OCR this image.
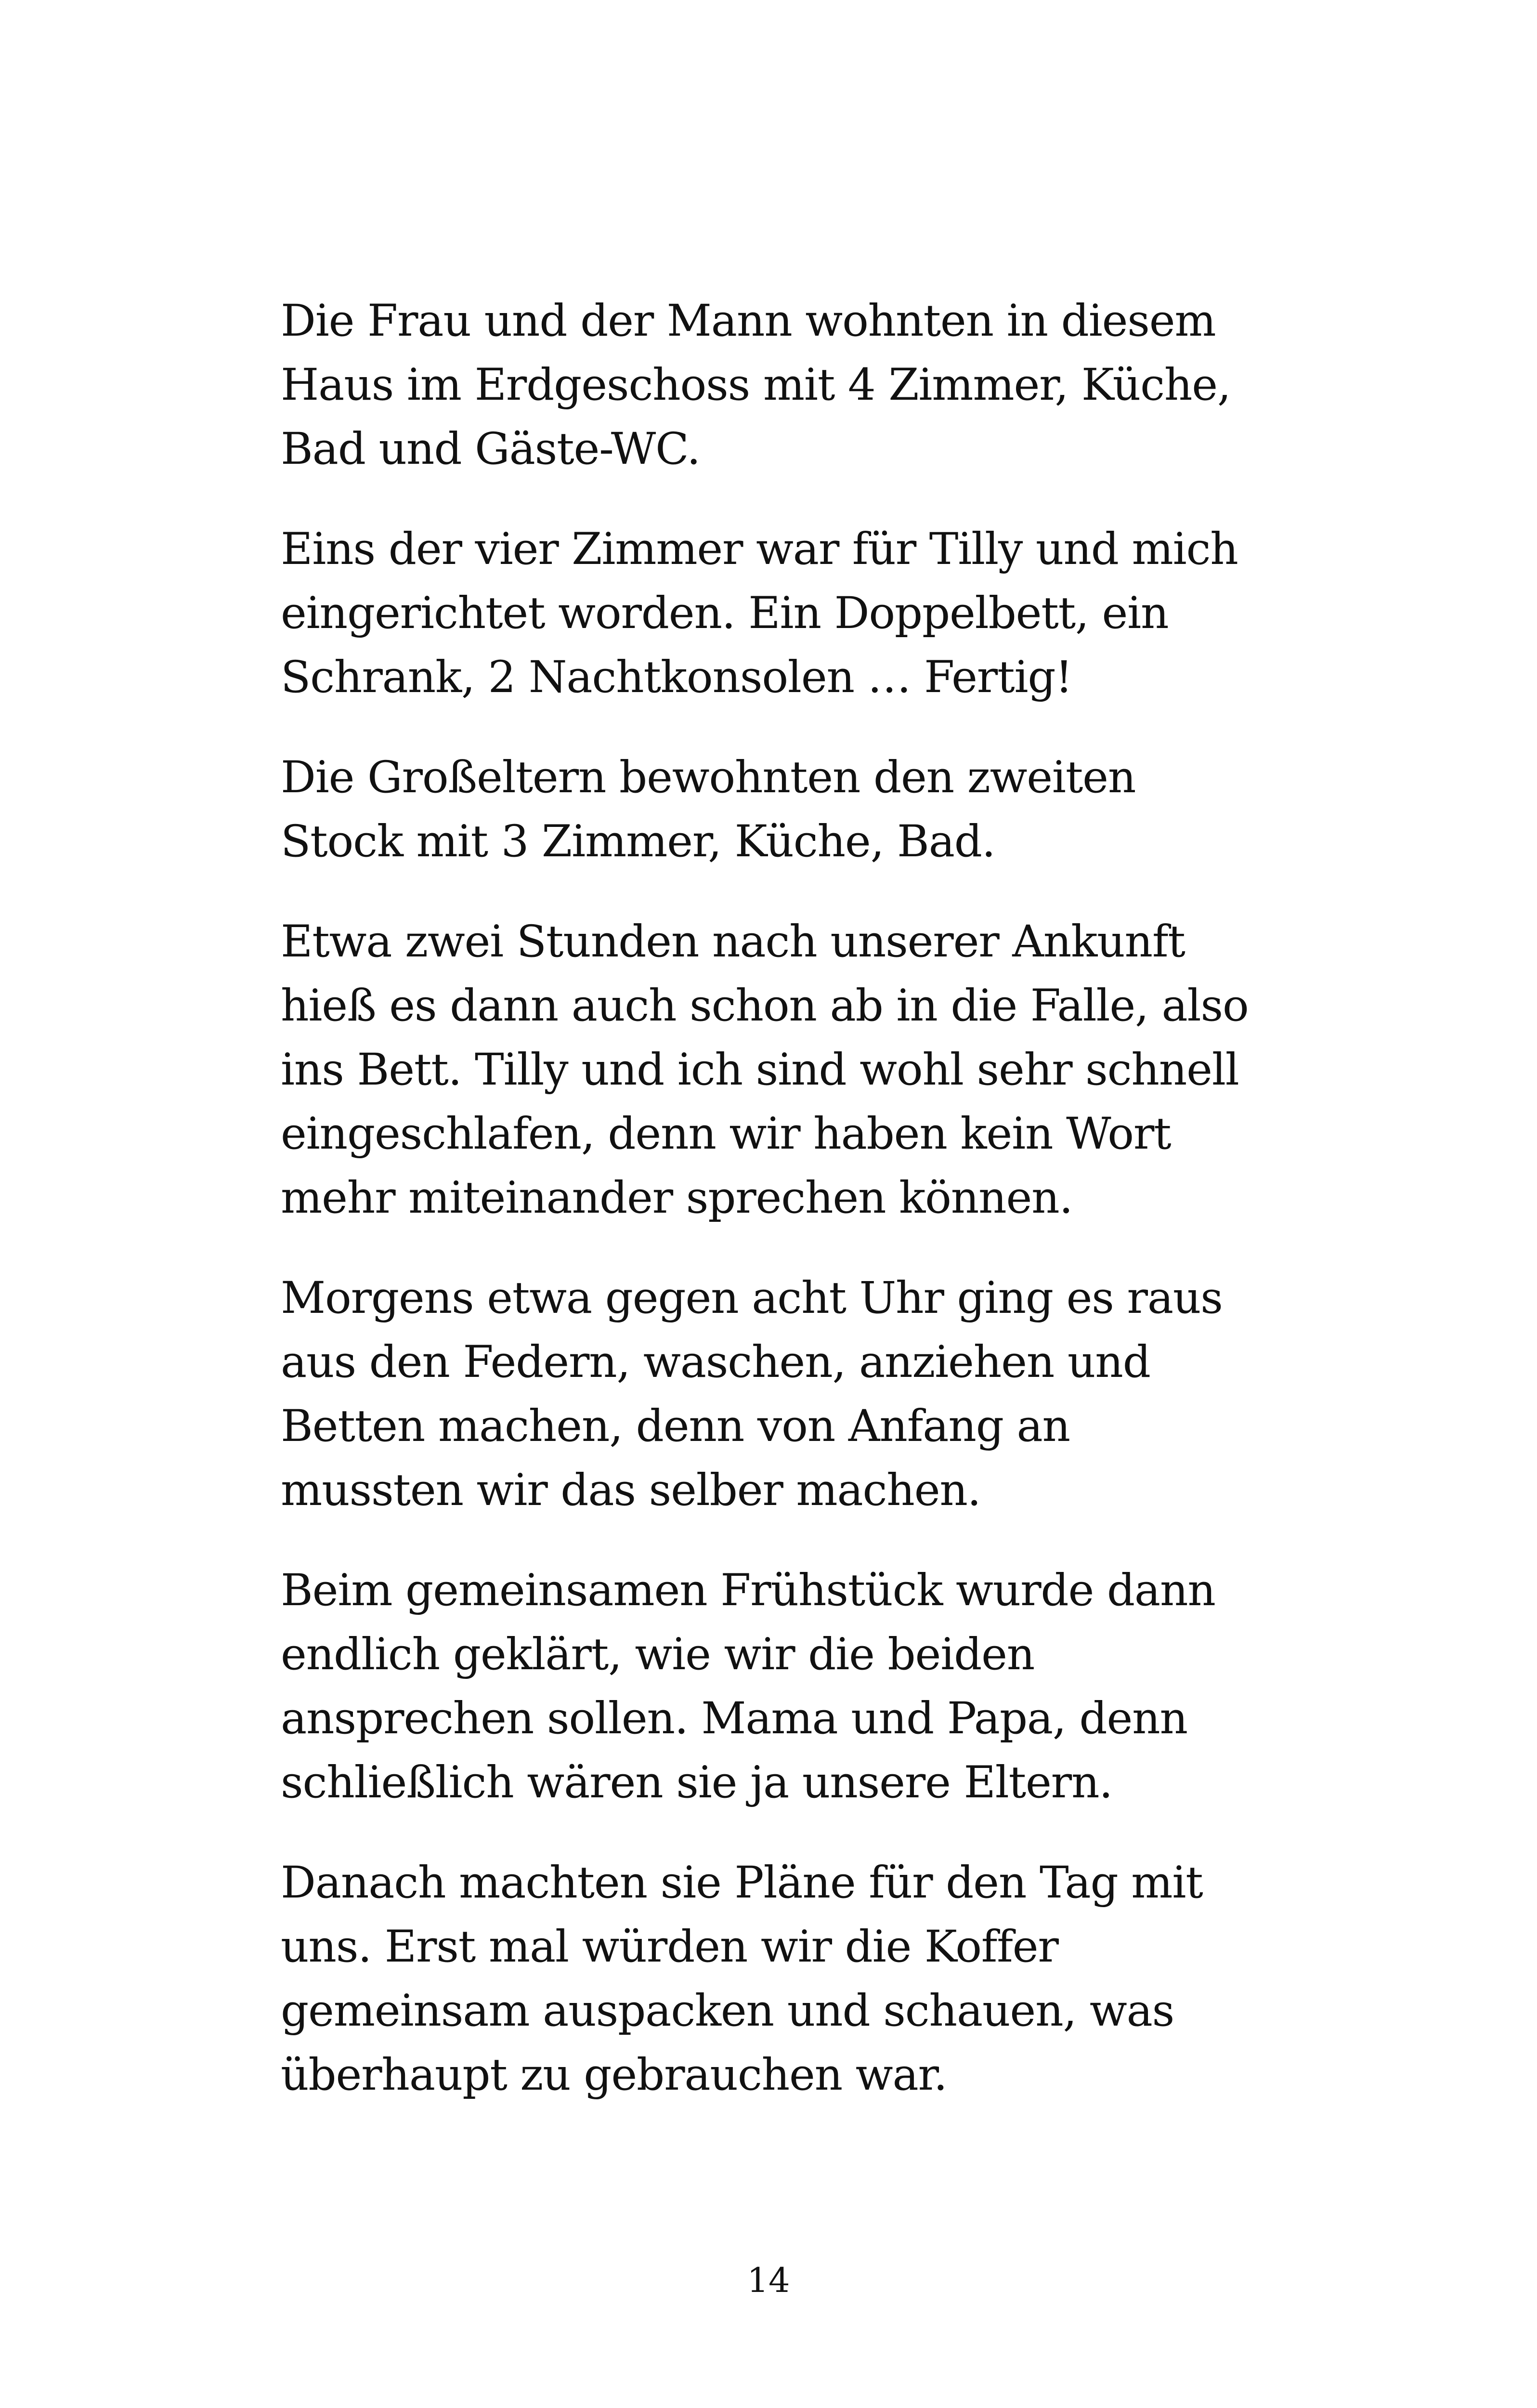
Die Frau und der Mann wohnten in diesem
Haus im Erdgeschoss mit 4 Zimmer, Küche,
Bad und Gäste-WC.

Eins der vier Zimmer war für Tilly und mich
eingerichtet worden. Ein Doppelbett, ein
Schrank, 2 Nachtkonsolen … Fertig!

Die Großeltern bewohnten den zweiten
Stock mit 3 Zimmer, Küche, Bad.

Etwa zwei Stunden nach unserer Ankunft
hieß es dann auch schon ab in die Falle, also
ins Bett. Tilly und ich sind wohl sehr schnell
eingeschlafen, denn wir haben kein Wort
mehr miteinander sprechen können.

Morgens etwa gegen acht Uhr ging es raus
aus den Federn, waschen, anziehen und
Betten machen, denn von Anfang an
mussten wir das selber machen.

Beim gemeinsamen Frühstück wurde dann
endlich geklärt, wie wir die beiden
ansprechen sollen. Mama und Papa, denn
schließlich wären sie ja unsere Eltern.

Danach machten sie Pläne für den Tag mit
uns. Erst mal würden wir die Koffer
gemeinsam auspacken und schauen, was
überhaupt zu gebrauchen war.

14
